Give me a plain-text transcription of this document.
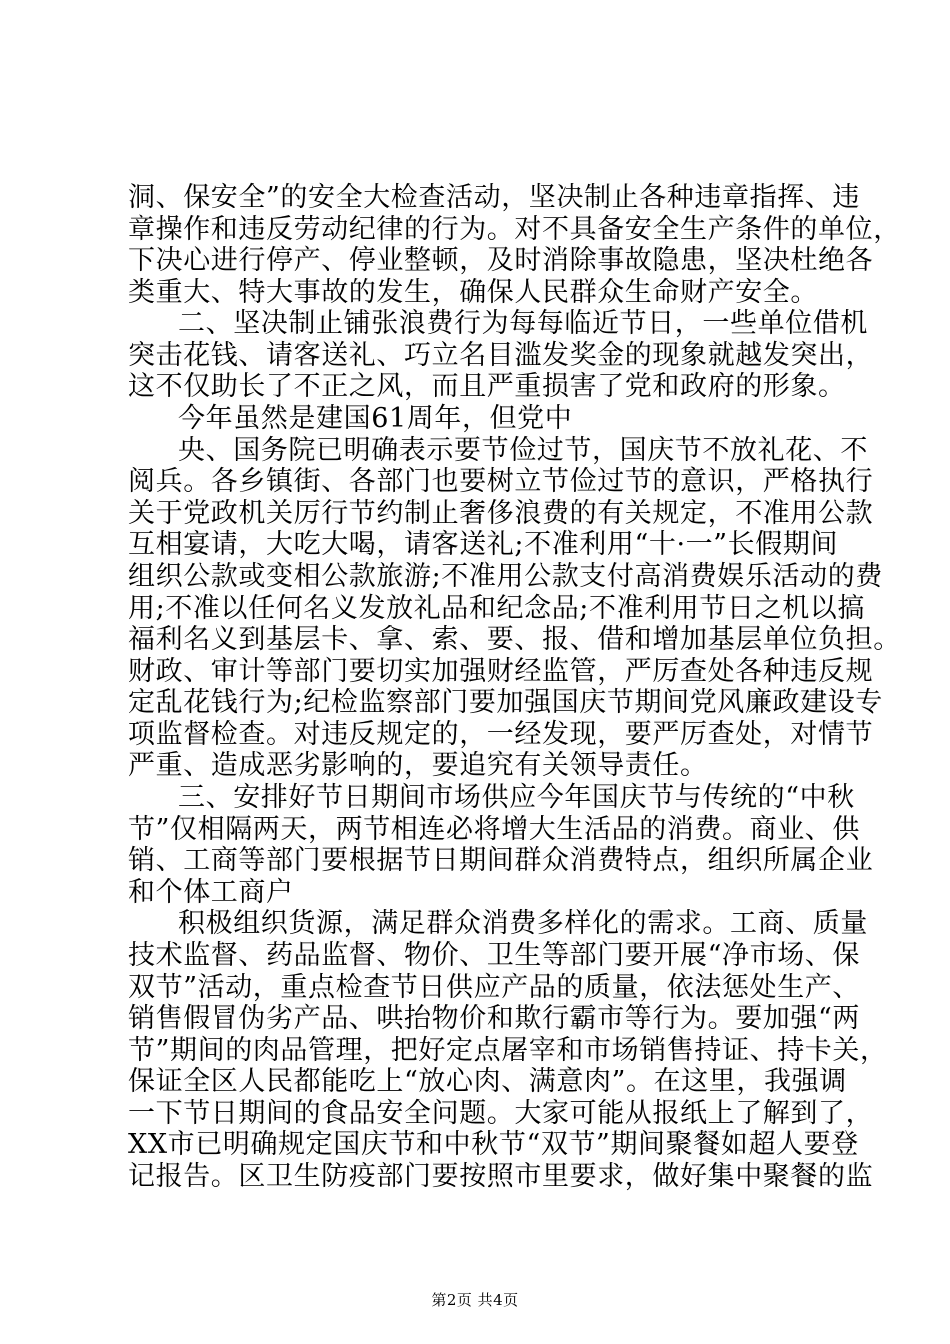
洞、保安全”的安全大检查活动，坚决制止各种违章指挥、违
章操作和违反劳动纪律的行为。对不具备安全生产条件的单位，
下决心进行停产、停业整顿，及时消除事故隐患，坚决杜绝各
类重大、特大事故的发生，确保人民群众生命财产安全。
二、坚决制止铺张浪费行为每每临近节日，一些单位借机
突击花钱、请客送礼、巧立名目滥发奖金的现象就越发突出，
这不仅助长了不正之风，而且严重损害了党和政府的形象。
今年虽然是建国61周年，但党中
央、国务院已明确表示要节俭过节，国庆节不放礼花、不
阅兵。各乡镇街、各部门也要树立节俭过节的意识，严格执行
关于党政机关厉行节约制止奢侈浪费的有关规定，不准用公款
互相宴请，大吃大喝，请客送礼;不准利用“十·一”长假期间
组织公款或变相公款旅游;不准用公款支付高消费娱乐活动的费
用;不准以任何名义发放礼品和纪念品;不准利用节日之机以搞
福利名义到基层卡、拿、索、要、报、借和增加基层单位负担。
财政、审计等部门要切实加强财经监管，严厉查处各种违反规
定乱花钱行为;纪检监察部门要加强国庆节期间党风廉政建设专
项监督检查。对违反规定的，一经发现，要严厉查处，对情节
严重、造成恶劣影响的，要追究有关领导责任。
三、安排好节日期间市场供应今年国庆节与传统的“中秋
节”仅相隔两天，两节相连必将增大生活品的消费。商业、供
销、工商等部门要根据节日期间群众消费特点，组织所属企业
和个体工商户
积极组织货源，满足群众消费多样化的需求。工商、质量
技术监督、药品监督、物价、卫生等部门要开展“净市场、保
双节”活动，重点检查节日供应产品的质量，依法惩处生产、
销售假冒伪劣产品、哄抬物价和欺行霸市等行为。要加强“两
节”期间的肉品管理，把好定点屠宰和市场销售持证、持卡关，
保证全区人民都能吃上“放心肉、满意肉”。在这里，我强调
一下节日期间的食品安全问题。大家可能从报纸上了解到了，
XX市已明确规定国庆节和中秋节“双节”期间聚餐如超人要登
记报告。区卫生防疫部门要按照市里要求，做好集中聚餐的监
第2页 共4页
